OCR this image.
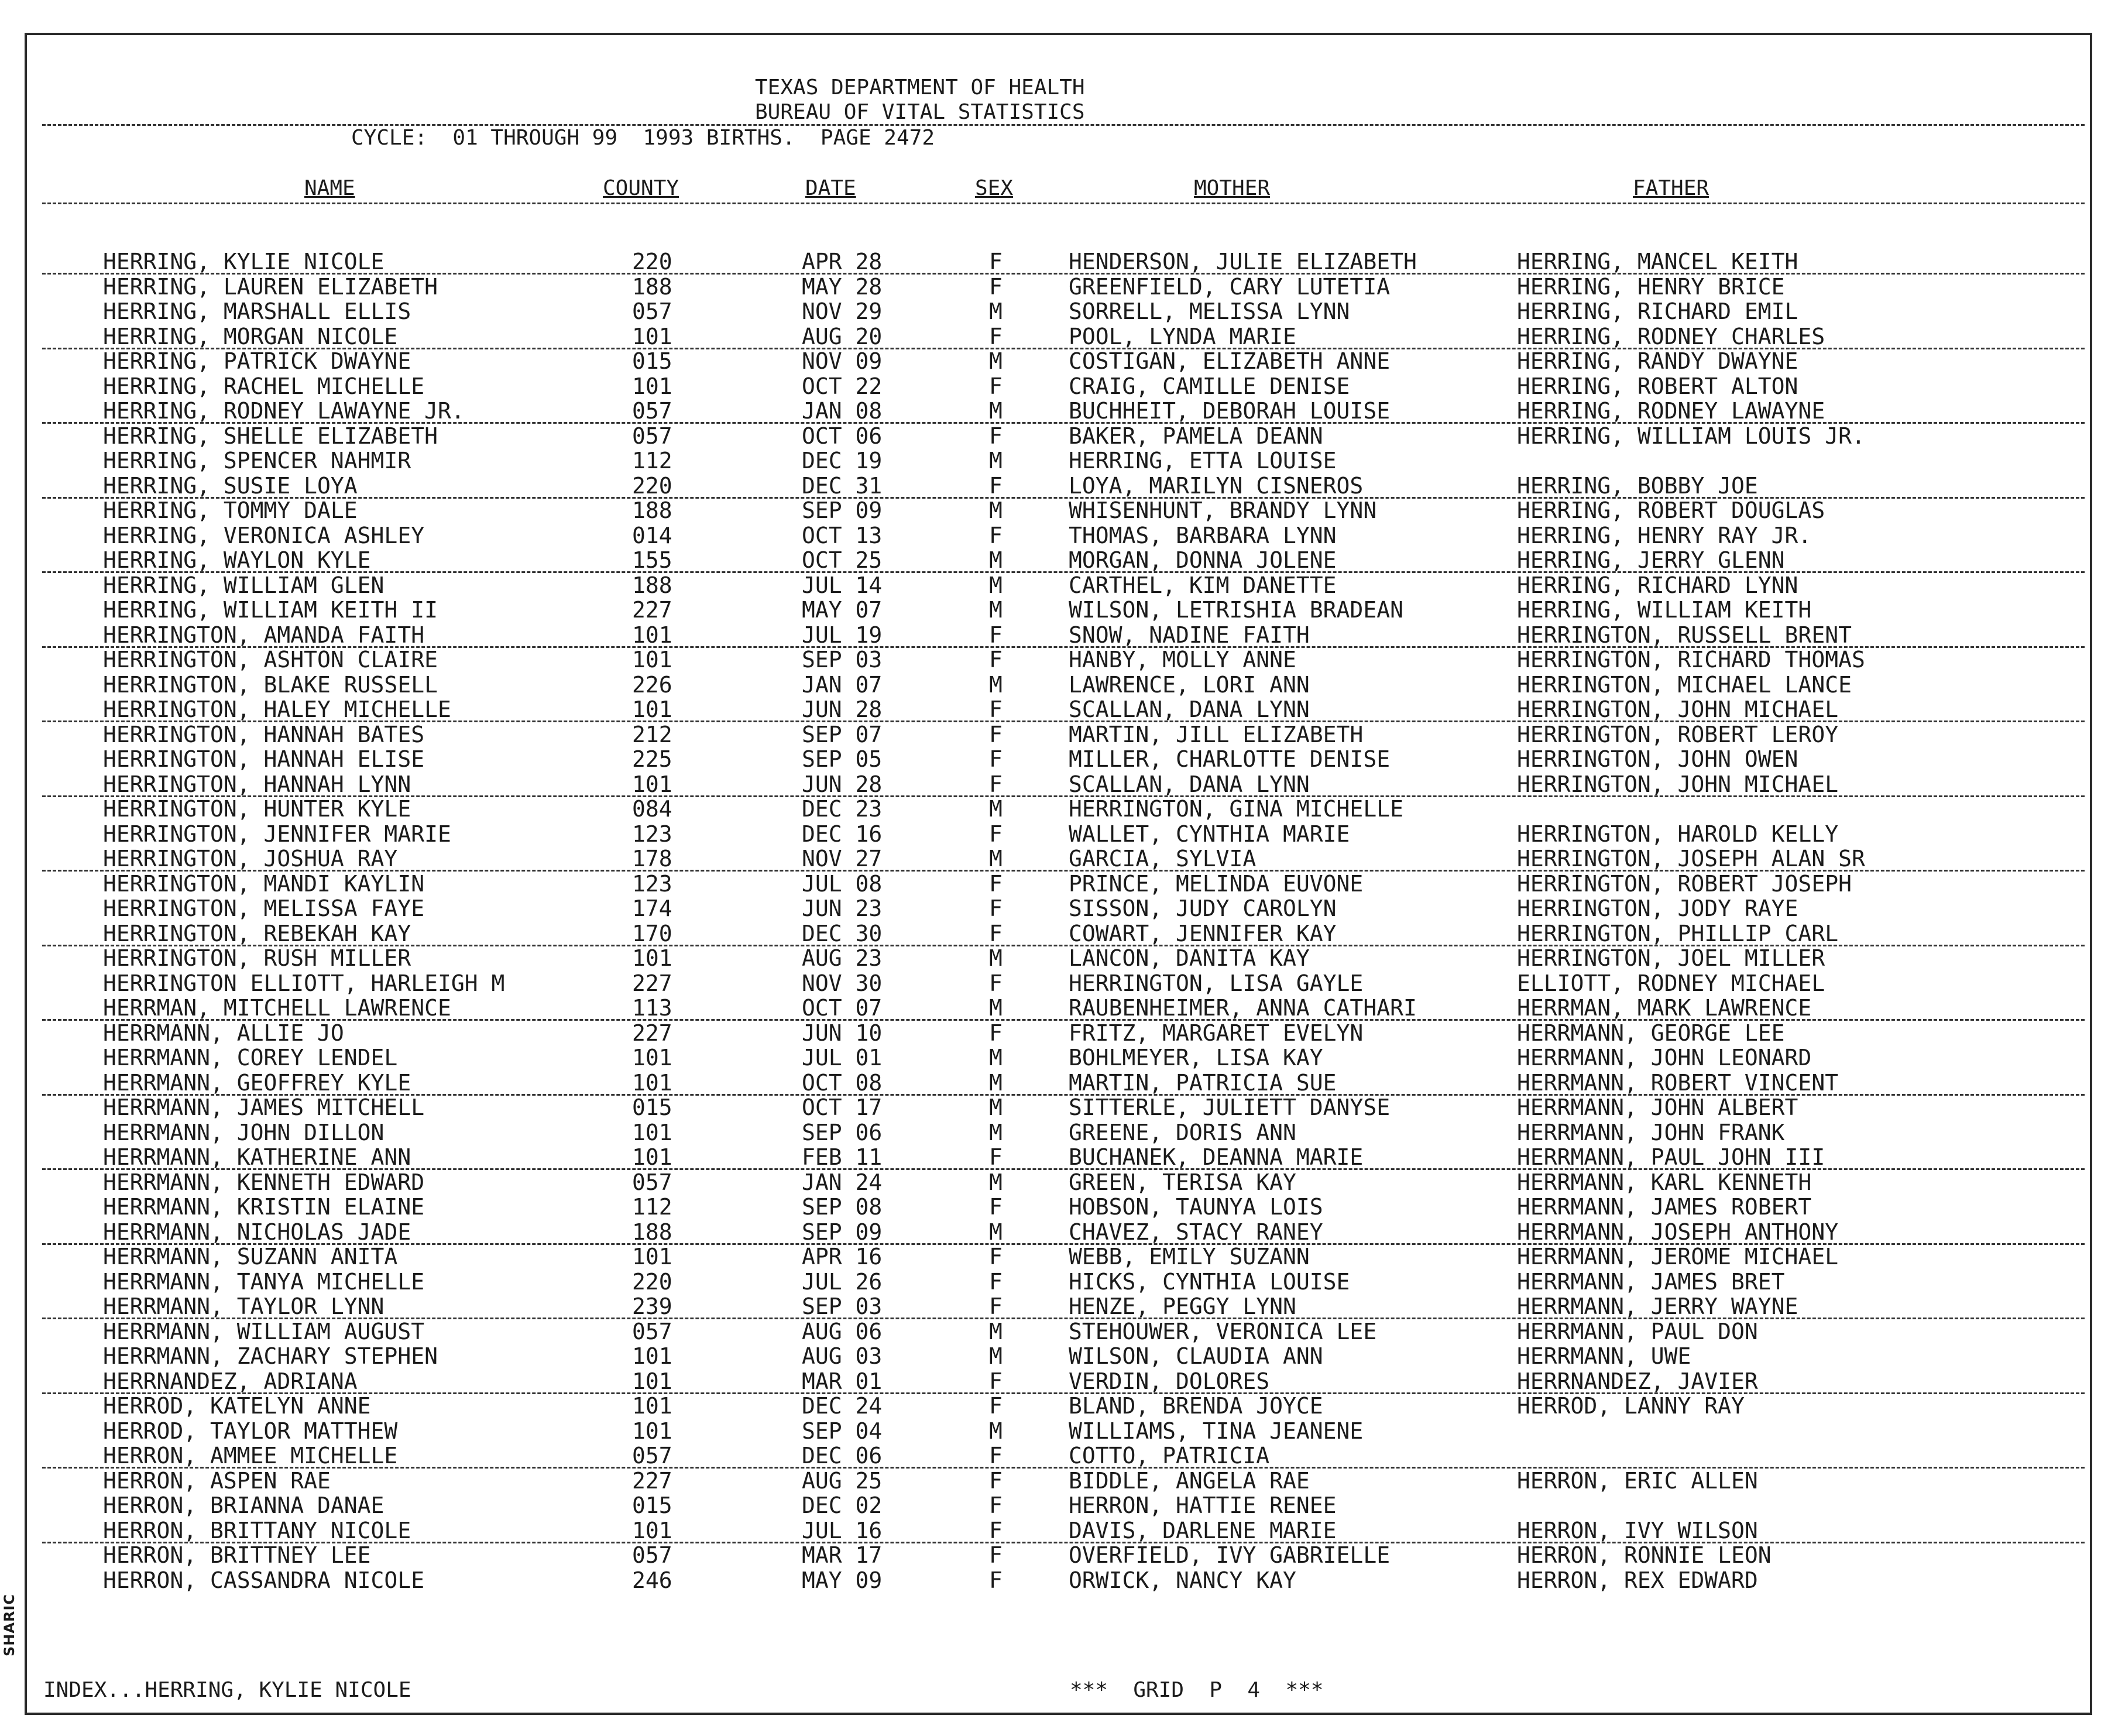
SHARIC
TEXAS DEPARTMENT OF HEALTH
BUREAU OF VITAL STATISTICS
CYCLE:  01 THROUGH 99  1993 BIRTHS.  PAGE 2472
NAME	COUNTY	DATE	SEX	MOTHER	FATHER
HERRING, KYLIE NICOLE	220	APR 28	F	HENDERSON, JULIE ELIZABETH	HERRING, MANCEL KEITH
HERRING, LAUREN ELIZABETH	188	MAY 28	F	GREENFIELD, CARY LUTETIA	HERRING, HENRY BRICE
HERRING, MARSHALL ELLIS	057	NOV 29	M	SORRELL, MELISSA LYNN	HERRING, RICHARD EMIL
HERRING, MORGAN NICOLE	101	AUG 20	F	POOL, LYNDA MARIE	HERRING, RODNEY CHARLES
HERRING, PATRICK DWAYNE	015	NOV 09	M	COSTIGAN, ELIZABETH ANNE	HERRING, RANDY DWAYNE
HERRING, RACHEL MICHELLE	101	OCT 22	F	CRAIG, CAMILLE DENISE	HERRING, ROBERT ALTON
HERRING, RODNEY LAWAYNE JR.	057	JAN 08	M	BUCHHEIT, DEBORAH LOUISE	HERRING, RODNEY LAWAYNE
HERRING, SHELLE ELIZABETH	057	OCT 06	F	BAKER, PAMELA DEANN	HERRING, WILLIAM LOUIS JR.
HERRING, SPENCER NAHMIR	112	DEC 19	M	HERRING, ETTA LOUISE
HERRING, SUSIE LOYA	220	DEC 31	F	LOYA, MARILYN CISNEROS	HERRING, BOBBY JOE
HERRING, TOMMY DALE	188	SEP 09	M	WHISENHUNT, BRANDY LYNN	HERRING, ROBERT DOUGLAS
HERRING, VERONICA ASHLEY	014	OCT 13	F	THOMAS, BARBARA LYNN	HERRING, HENRY RAY JR.
HERRING, WAYLON KYLE	155	OCT 25	M	MORGAN, DONNA JOLENE	HERRING, JERRY GLENN
HERRING, WILLIAM GLEN	188	JUL 14	M	CARTHEL, KIM DANETTE	HERRING, RICHARD LYNN
HERRING, WILLIAM KEITH II	227	MAY 07	M	WILSON, LETRISHIA BRADEAN	HERRING, WILLIAM KEITH
HERRINGTON, AMANDA FAITH	101	JUL 19	F	SNOW, NADINE FAITH	HERRINGTON, RUSSELL BRENT
HERRINGTON, ASHTON CLAIRE	101	SEP 03	F	HANBY, MOLLY ANNE	HERRINGTON, RICHARD THOMAS
HERRINGTON, BLAKE RUSSELL	226	JAN 07	M	LAWRENCE, LORI ANN	HERRINGTON, MICHAEL LANCE
HERRINGTON, HALEY MICHELLE	101	JUN 28	F	SCALLAN, DANA LYNN	HERRINGTON, JOHN MICHAEL
HERRINGTON, HANNAH BATES	212	SEP 07	F	MARTIN, JILL ELIZABETH	HERRINGTON, ROBERT LEROY
HERRINGTON, HANNAH ELISE	225	SEP 05	F	MILLER, CHARLOTTE DENISE	HERRINGTON, JOHN OWEN
HERRINGTON, HANNAH LYNN	101	JUN 28	F	SCALLAN, DANA LYNN	HERRINGTON, JOHN MICHAEL
HERRINGTON, HUNTER KYLE	084	DEC 23	M	HERRINGTON, GINA MICHELLE
HERRINGTON, JENNIFER MARIE	123	DEC 16	F	WALLET, CYNTHIA MARIE	HERRINGTON, HAROLD KELLY
HERRINGTON, JOSHUA RAY	178	NOV 27	M	GARCIA, SYLVIA	HERRINGTON, JOSEPH ALAN SR
HERRINGTON, MANDI KAYLIN	123	JUL 08	F	PRINCE, MELINDA EUVONE	HERRINGTON, ROBERT JOSEPH
HERRINGTON, MELISSA FAYE	174	JUN 23	F	SISSON, JUDY CAROLYN	HERRINGTON, JODY RAYE
HERRINGTON, REBEKAH KAY	170	DEC 30	F	COWART, JENNIFER KAY	HERRINGTON, PHILLIP CARL
HERRINGTON, RUSH MILLER	101	AUG 23	M	LANCON, DANITA KAY	HERRINGTON, JOEL MILLER
HERRINGTON ELLIOTT, HARLEIGH M	227	NOV 30	F	HERRINGTON, LISA GAYLE	ELLIOTT, RODNEY MICHAEL
HERRMAN, MITCHELL LAWRENCE	113	OCT 07	M	RAUBENHEIMER, ANNA CATHARI	HERRMAN, MARK LAWRENCE
HERRMANN, ALLIE JO	227	JUN 10	F	FRITZ, MARGARET EVELYN	HERRMANN, GEORGE LEE
HERRMANN, COREY LENDEL	101	JUL 01	M	BOHLMEYER, LISA KAY	HERRMANN, JOHN LEONARD
HERRMANN, GEOFFREY KYLE	101	OCT 08	M	MARTIN, PATRICIA SUE	HERRMANN, ROBERT VINCENT
HERRMANN, JAMES MITCHELL	015	OCT 17	M	SITTERLE, JULIETT DANYSE	HERRMANN, JOHN ALBERT
HERRMANN, JOHN DILLON	101	SEP 06	M	GREENE, DORIS ANN	HERRMANN, JOHN FRANK
HERRMANN, KATHERINE ANN	101	FEB 11	F	BUCHANEK, DEANNA MARIE	HERRMANN, PAUL JOHN III
HERRMANN, KENNETH EDWARD	057	JAN 24	M	GREEN, TERISA KAY	HERRMANN, KARL KENNETH
HERRMANN, KRISTIN ELAINE	112	SEP 08	F	HOBSON, TAUNYA LOIS	HERRMANN, JAMES ROBERT
HERRMANN, NICHOLAS JADE	188	SEP 09	M	CHAVEZ, STACY RANEY	HERRMANN, JOSEPH ANTHONY
HERRMANN, SUZANN ANITA	101	APR 16	F	WEBB, EMILY SUZANN	HERRMANN, JEROME MICHAEL
HERRMANN, TANYA MICHELLE	220	JUL 26	F	HICKS, CYNTHIA LOUISE	HERRMANN, JAMES BRET
HERRMANN, TAYLOR LYNN	239	SEP 03	F	HENZE, PEGGY LYNN	HERRMANN, JERRY WAYNE
HERRMANN, WILLIAM AUGUST	057	AUG 06	M	STEHOUWER, VERONICA LEE	HERRMANN, PAUL DON
HERRMANN, ZACHARY STEPHEN	101	AUG 03	M	WILSON, CLAUDIA ANN	HERRMANN, UWE
HERRNANDEZ, ADRIANA	101	MAR 01	F	VERDIN, DOLORES	HERRNANDEZ, JAVIER
HERROD, KATELYN ANNE	101	DEC 24	F	BLAND, BRENDA JOYCE	HERROD, LANNY RAY
HERROD, TAYLOR MATTHEW	101	SEP 04	M	WILLIAMS, TINA JEANENE
HERRON, AMMEE MICHELLE	057	DEC 06	F	COTTO, PATRICIA
HERRON, ASPEN RAE	227	AUG 25	F	BIDDLE, ANGELA RAE	HERRON, ERIC ALLEN
HERRON, BRIANNA DANAE	015	DEC 02	F	HERRON, HATTIE RENEE
HERRON, BRITTANY NICOLE	101	JUL 16	F	DAVIS, DARLENE MARIE	HERRON, IVY WILSON
HERRON, BRITTNEY LEE	057	MAR 17	F	OVERFIELD, IVY GABRIELLE	HERRON, RONNIE LEON
HERRON, CASSANDRA NICOLE	246	MAY 09	F	ORWICK, NANCY KAY	HERRON, REX EDWARD
INDEX...HERRING, KYLIE NICOLE	***  GRID  P  4  ***
